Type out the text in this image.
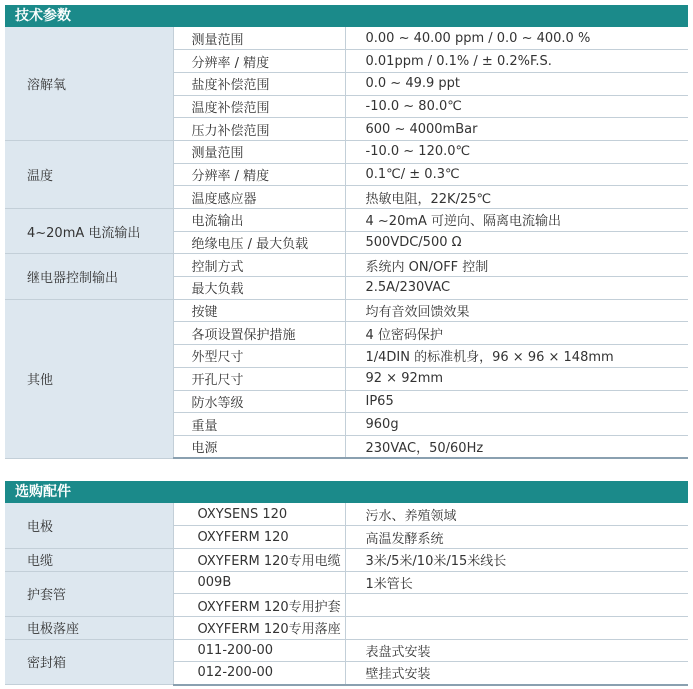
技术参数
溶解氧	测量范围	0.00 ~ 40.00 ppm / 0.0 ~ 400.0 %
	分辨率 / 精度	0.01ppm / 0.1% / ± 0.2%F.S.
	盐度补偿范围	0.0 ~ 49.9 ppt
	温度补偿范围	-10.0 ~ 80.0℃
	压力补偿范围	600 ~ 4000mBar
温度	测量范围	-10.0 ~ 120.0℃
	分辨率 / 精度	0.1℃/ ± 0.3℃
	温度感应器	热敏电阻，22K/25℃
4~20mA 电流输出	电流输出	4 ~20mA 可逆向、隔离电流输出
	绝缘电压 / 最大负载	500VDC/500 Ω
继电器控制输出	控制方式	系统内 ON/OFF 控制
	最大负载	2.5A/230VAC
其他	按键	均有音效回馈效果
	各项设置保护措施	4 位密码保护
	外型尺寸	1/4DIN 的标准机身，96 × 96 × 148mm
	开孔尺寸	92 × 92mm
	防水等级	IP65
	重量	960g
	电源	230VAC，50/60Hz
选购配件
电极	OXYSENS 120	污水、养殖领域
	OXYFERM 120	高温发酵系统
电缆	OXYFERM 120专用电缆	3米/5米/10米/15米线长
护套管	009B	1米管长
	OXYFERM 120专用护套	
电极落座	OXYFERM 120专用落座	
密封箱	011-200-00	表盘式安装
	012-200-00	壁挂式安装
